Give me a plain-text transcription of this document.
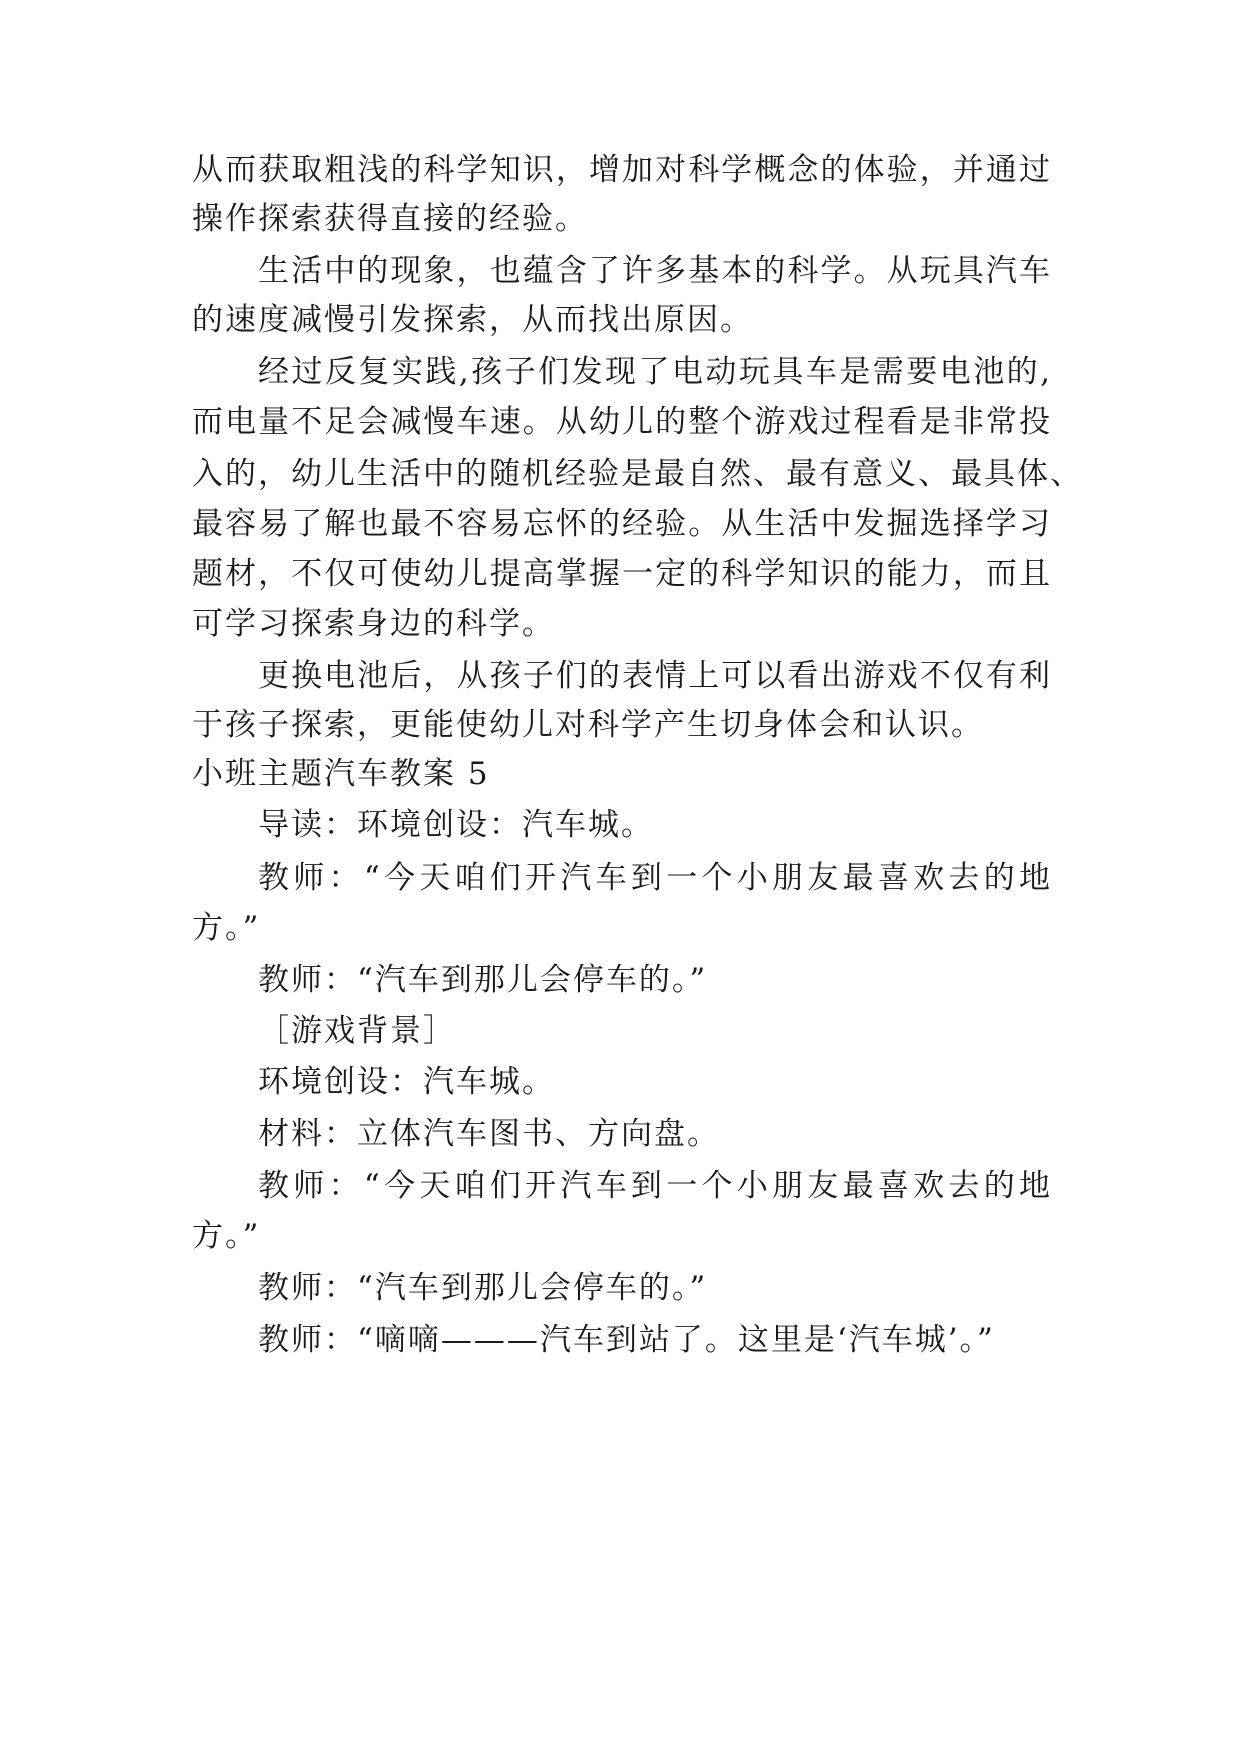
从而获取粗浅的科学知识，增加对科学概念的体验，并通过
操作探索获得直接的经验。
生活中的现象，也蕴含了许多基本的科学。从玩具汽车
的速度减慢引发探索，从而找出原因。
经过反复实践,孩子们发现了电动玩具车是需要电池的,
而电量不足会减慢车速。从幼儿的整个游戏过程看是非常投
入的，幼儿生活中的随机经验是最自然、最有意义、最具体、
最容易了解也最不容易忘怀的经验。从生活中发掘选择学习
题材，不仅可使幼儿提高掌握一定的科学知识的能力，而且
可学习探索身边的科学。
更换电池后，从孩子们的表情上可以看出游戏不仅有利
于孩子探索，更能使幼儿对科学产生切身体会和认识。
小班主题汽车教案 5
导读：环境创设：汽车城。
教师：“今天咱们开汽车到一个小朋友最喜欢去的地
方。”
教师：“汽车到那儿会停车的。”
［游戏背景］
环境创设：汽车城。
材料：立体汽车图书、方向盘。
教师：“今天咱们开汽车到一个小朋友最喜欢去的地
方。”
教师：“汽车到那儿会停车的。”
教师：“嘀嘀———汽车到站了。这里是‘汽车城’。”
